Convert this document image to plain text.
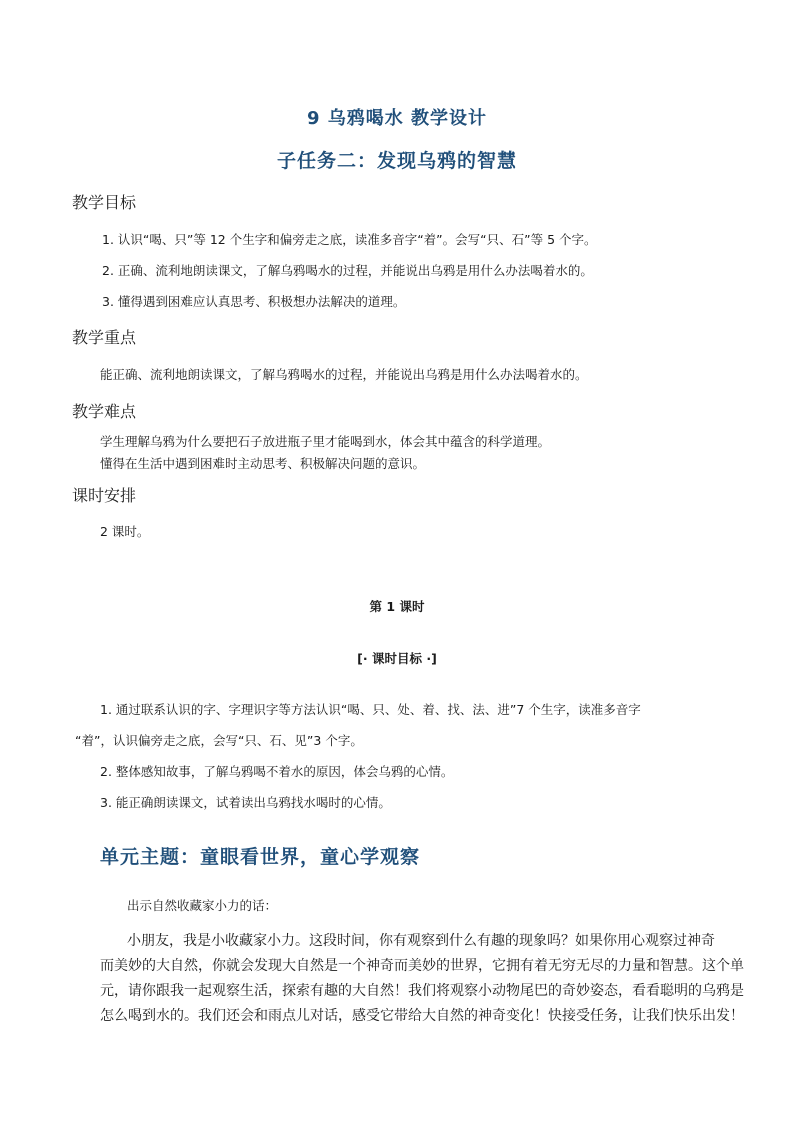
9 乌鸦喝水 教学设计
子任务二：发现乌鸦的智慧
教学目标
1. 认识“喝、只”等 12 个生字和偏旁走之底，读准多音字“着”。会写“只、石”等 5 个字。
2. 正确、流利地朗读课文，了解乌鸦喝水的过程，并能说出乌鸦是用什么办法喝着水的。
3. 懂得遇到困难应认真思考、积极想办法解决的道理。
教学重点
能正确、流利地朗读课文，了解乌鸦喝水的过程，并能说出乌鸦是用什么办法喝着水的。
教学难点
学生理解乌鸦为什么要把石子放进瓶子里才能喝到水，体会其中蕴含的科学道理。
懂得在生活中遇到困难时主动思考、积极解决问题的意识。
课时安排
2 课时。
第 1 课时
[· 课时目标 ·]
1. 通过联系认识的字、字理识字等方法认识“喝、只、处、着、找、法、进”7 个生字，读准多音字
“着”，认识偏旁走之底，会写“只、石、见”3 个字。
2. 整体感知故事，了解乌鸦喝不着水的原因，体会乌鸦的心情。
3. 能正确朗读课文，试着读出乌鸦找水喝时的心情。
单元主题：童眼看世界，童心学观察
出示自然收藏家小力的话：
小朋友，我是小收藏家小力。这段时间，你有观察到什么有趣的现象吗？如果你用心观察过神奇
而美妙的大自然，你就会发现大自然是一个神奇而美妙的世界，它拥有着无穷无尽的力量和智慧。这个单
元，请你跟我一起观察生活，探索有趣的大自然！我们将观察小动物尾巴的奇妙姿态，看看聪明的乌鸦是
怎么喝到水的。我们还会和雨点儿对话，感受它带给大自然的神奇变化！快接受任务，让我们快乐出发！
